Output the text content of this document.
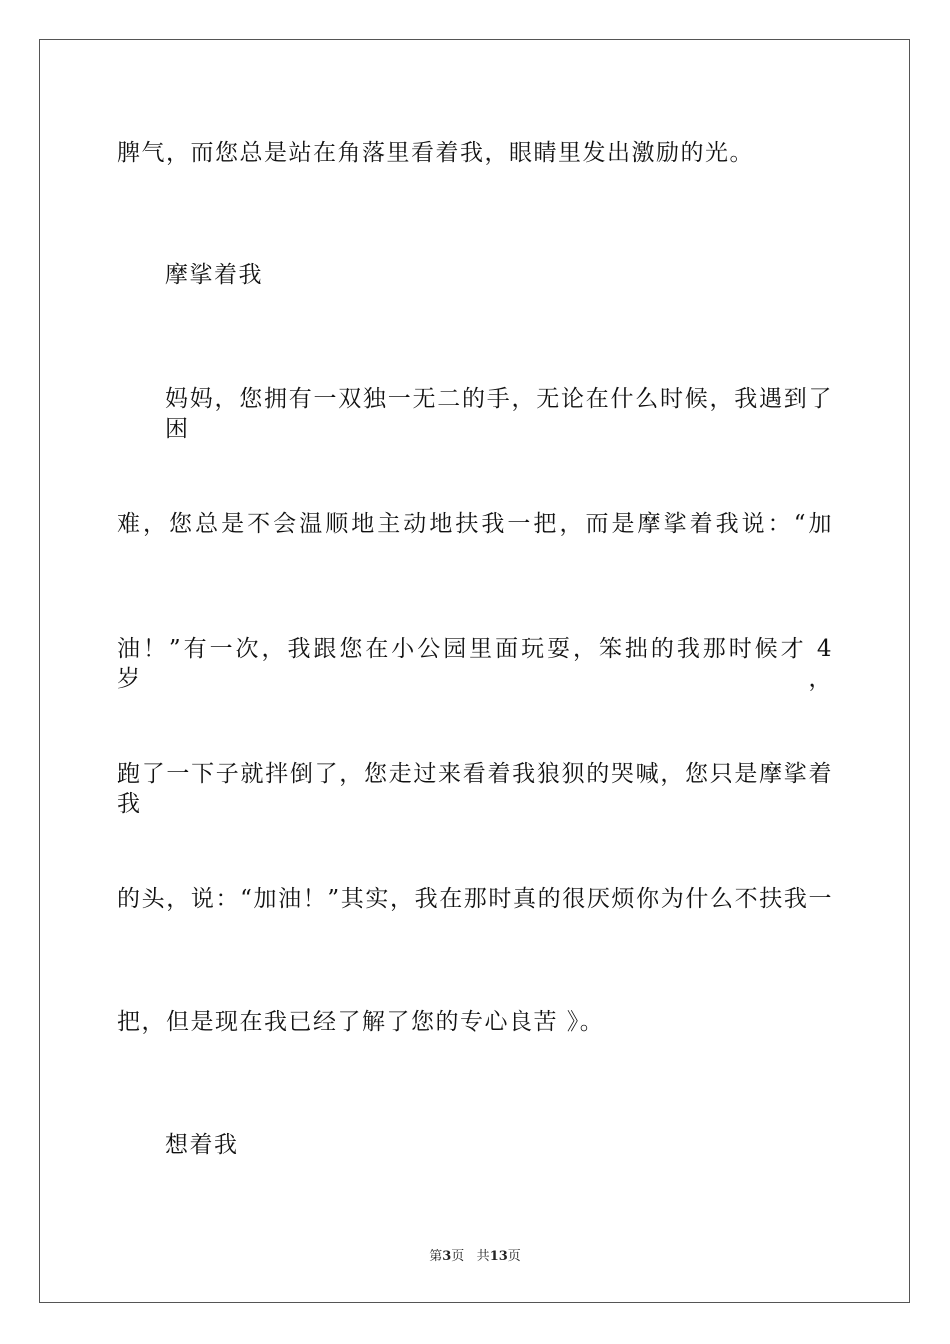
脾气，而您总是站在角落里看着我，眼睛里发出激励的光。
摩挲着我
妈妈，您拥有一双独一无二的手，无论在什么时候，我遇到了困
难，您总是不会温顺地主动地扶我一把，而是摩挲着我说：“加
油！”有一次，我跟您在小公园里面玩耍，笨拙的我那时候才 4 岁，
跑了一下子就拌倒了，您走过来看着我狼狈的哭喊，您只是摩挲着我
的头，说：“加油！”其实，我在那时真的很厌烦你为什么不扶我一
把，但是现在我已经了解了您的专心良苦 》。
想着我
第3页 共13页
